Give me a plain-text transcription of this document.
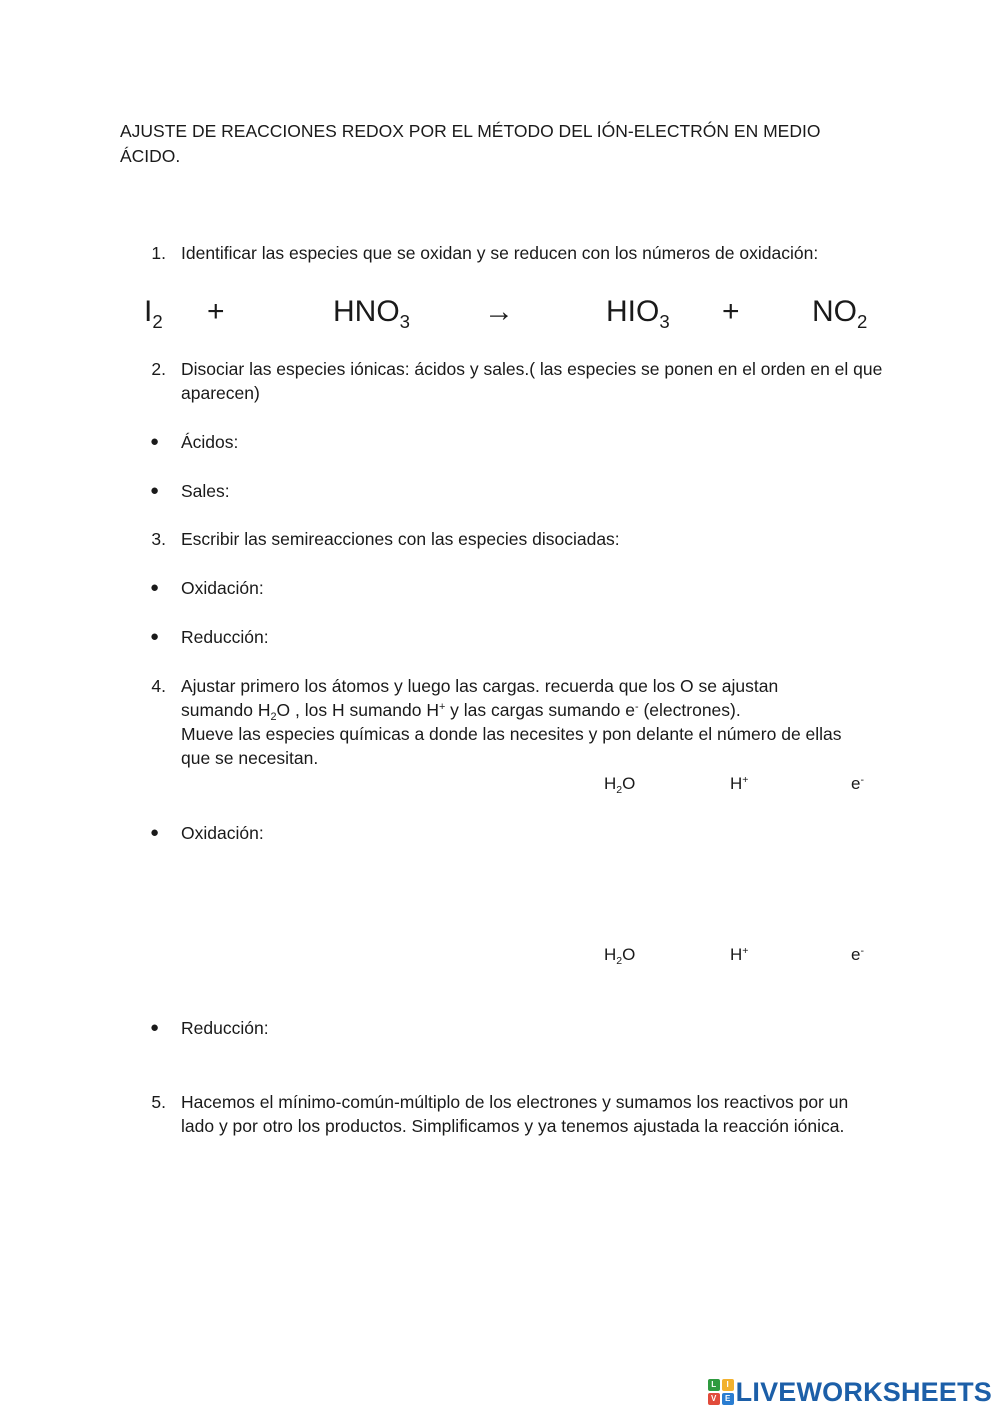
AJUSTE DE REACCIONES REDOX POR EL MÉTODO DEL IÓN-ELECTRÓN EN MEDIO ÁCIDO.
1. Identificar las especies que se oxidan y se reducen con los números de oxidación:
$I_2$ +	$HNO_3$ →	$HIO_3 + NO_2$
2. Disociar las especies iónicas: ácidos y sales.( las especies se ponen en el orden en el que aparecen)
● Ácidos:
● Sales:
3. Escribir las semireacciones con las especies disociadas:
● Oxidación:
● Reducción:
4. Ajustar primero los átomos y luego las cargas. recuerda que los O se ajustan
sumando $H_2O$ , los H sumando H+ y las cargas sumando e- (electrones).
Mueve las especies químicas a donde las necesites y pon delante el número de ellas
que se necesitan.
$H_2O$	H+	e-
● Oxidación:
$H_2O$	H+	e-
● Reducción:
5. Hacemos el mínimo-común-múltiplo de los electrones y sumamos los reactivos por un lado y por otro los productos. Simplificamos y ya tenemos ajustada la reacción iónica.
L	I
V	E LIVEWORKSHEETS
